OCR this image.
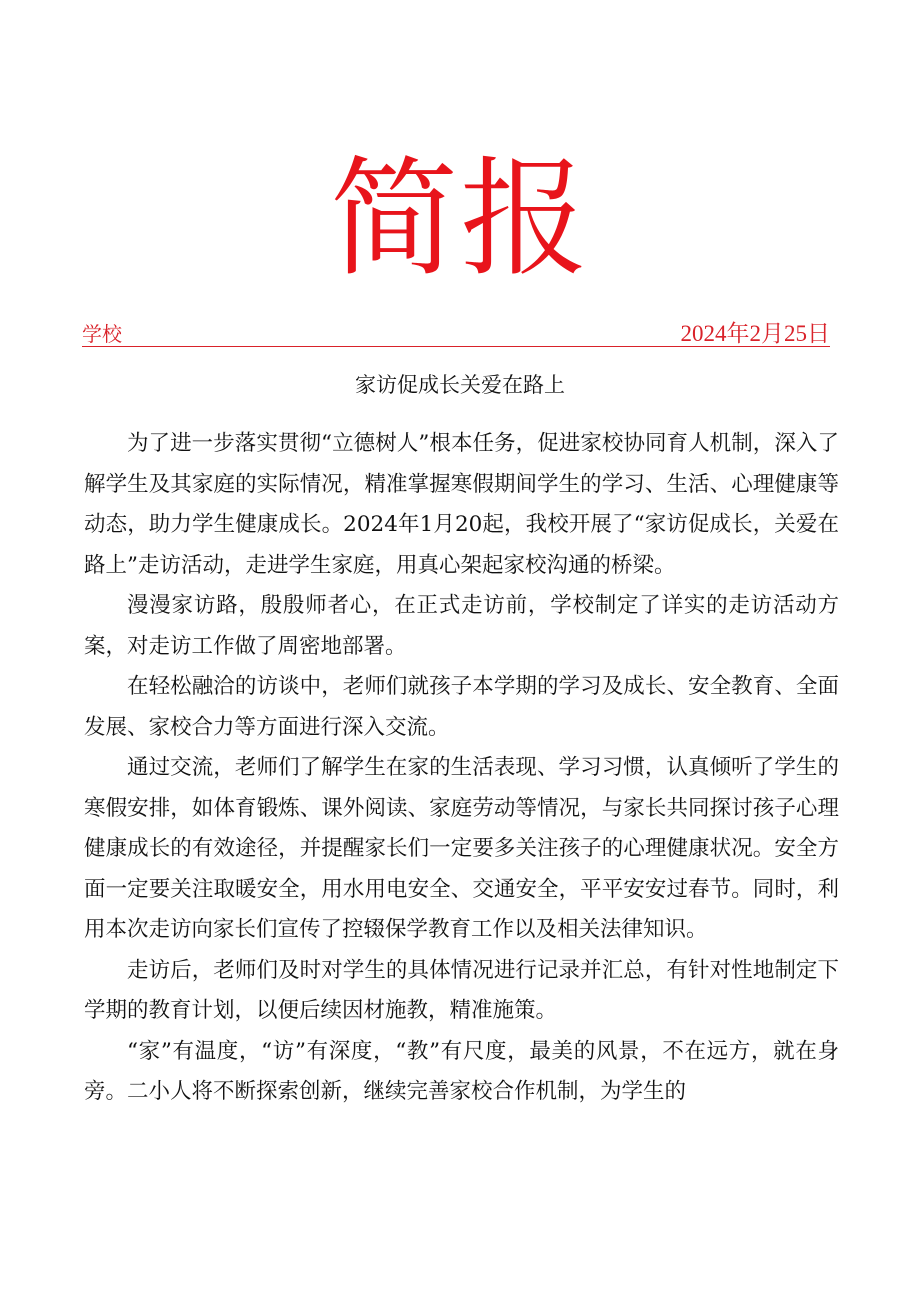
简报
学校	2024年2月25日
家访促成长关爱在路上

为了进一步落实贯彻“立德树人”根本任务，促进家校协同育人机制，深入了解学生及其家庭的实际情况，精准掌握寒假期间学生的学习、生活、心理健康等动态，助力学生健康成长。2024年1月20起，我校开展了“家访促成长，关爱在路上”走访活动，走进学生家庭，用真心架起家校沟通的桥梁。

漫漫家访路，殷殷师者心，在正式走访前，学校制定了详实的走访活动方案，对走访工作做了周密地部署。

在轻松融洽的访谈中，老师们就孩子本学期的学习及成长、安全教育、全面发展、家校合力等方面进行深入交流。

通过交流，老师们了解学生在家的生活表现、学习习惯，认真倾听了学生的寒假安排，如体育锻炼、课外阅读、家庭劳动等情况，与家长共同探讨孩子心理健康成长的有效途径，并提醒家长们一定要多关注孩子的心理健康状况。安全方面一定要关注取暖安全，用水用电安全、交通安全，平平安安过春节。同时，利用本次走访向家长们宣传了控辍保学教育工作以及相关法律知识。

走访后，老师们及时对学生的具体情况进行记录并汇总，有针对性地制定下学期的教育计划，以便后续因材施教，精准施策。

“家”有温度，“访”有深度，“教”有尺度，最美的风景，不在远方，就在身旁。二小人将不断探索创新，继续完善家校合作机制，为学生的
